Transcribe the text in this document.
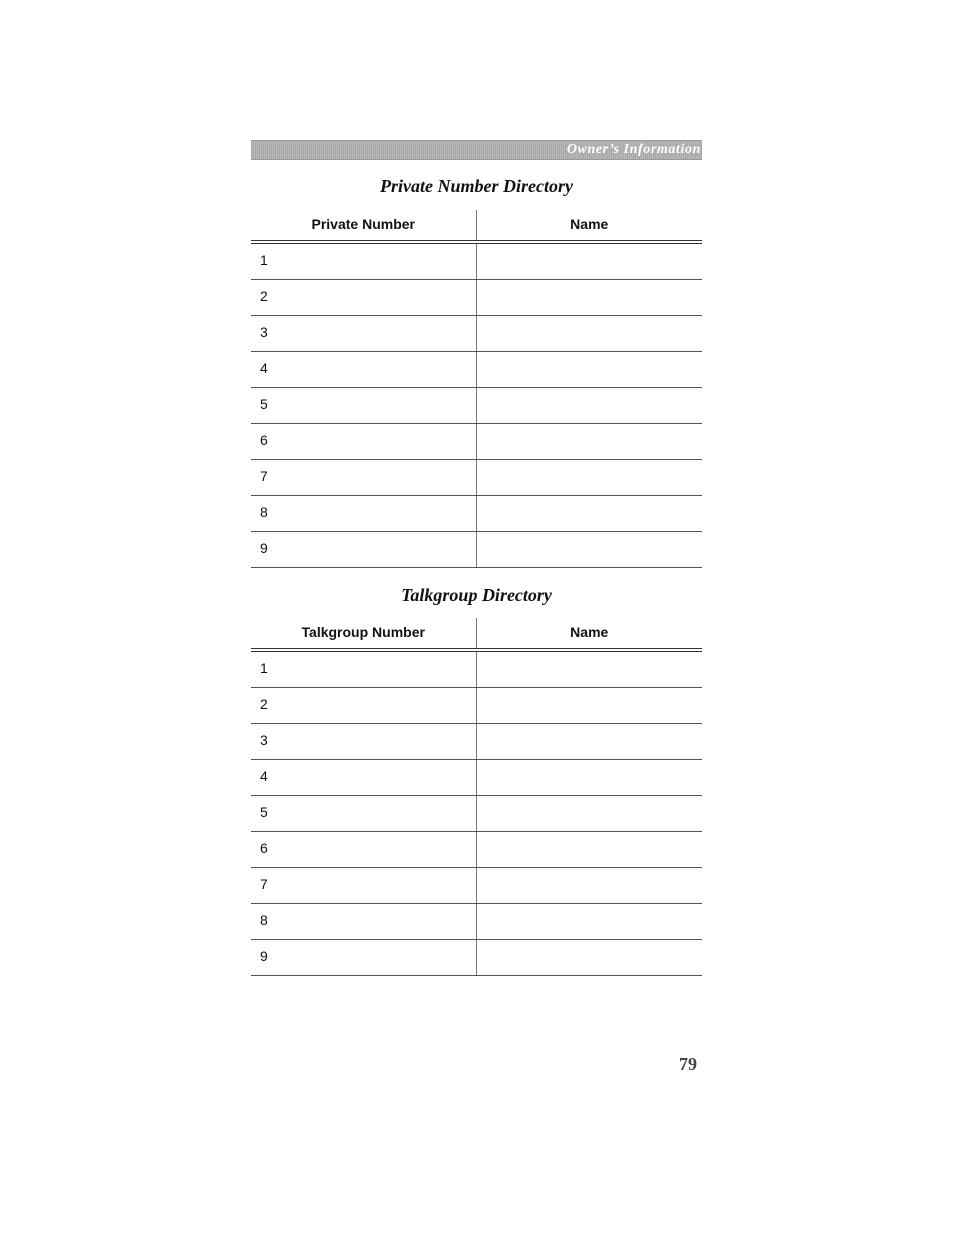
Owner’s Information
Private Number Directory
Private Number	Name
1
2
3
4
5
6
7
8
9
Talkgroup Directory
Talkgroup Number	Name
1
2
3
4
5
6
7
8
9
79
